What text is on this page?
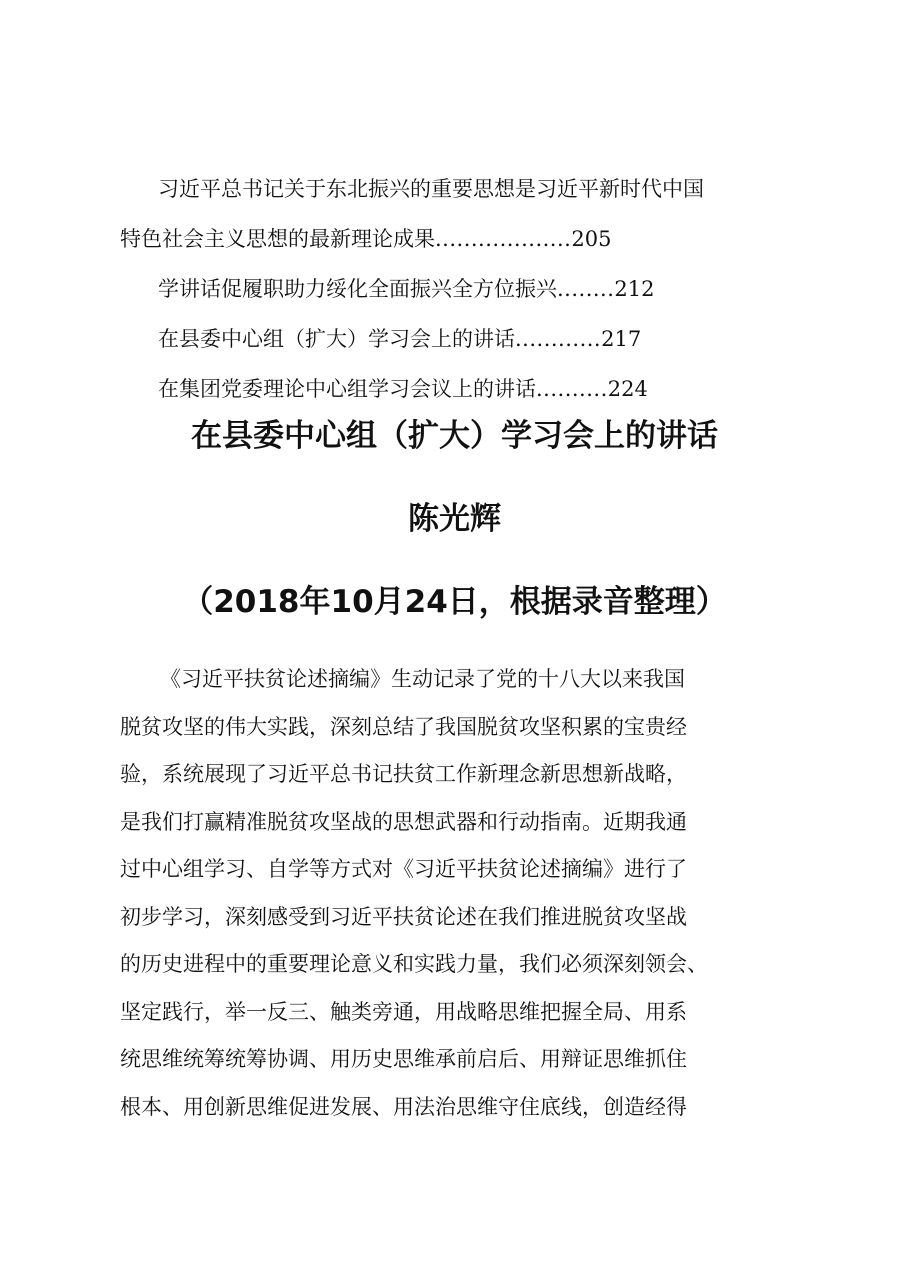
习近平总书记关于东北振兴的重要思想是习近平新时代中国
特色社会主义思想的最新理论成果...................205
学讲话促履职助力绥化全面振兴全方位振兴........212
在县委中心组（扩大）学习会上的讲话............217
在集团党委理论中心组学习会议上的讲话..........224
在县委中心组（扩大）学习会上的讲话
陈光辉
（2018年10月24日，根据录音整理）
《习近平扶贫论述摘编》生动记录了党的十八大以来我国
脱贫攻坚的伟大实践，深刻总结了我国脱贫攻坚积累的宝贵经
验，系统展现了习近平总书记扶贫工作新理念新思想新战略，
是我们打赢精准脱贫攻坚战的思想武器和行动指南。近期我通
过中心组学习、自学等方式对《习近平扶贫论述摘编》进行了
初步学习，深刻感受到习近平扶贫论述在我们推进脱贫攻坚战
的历史进程中的重要理论意义和实践力量，我们必须深刻领会、
坚定践行，举一反三、触类旁通，用战略思维把握全局、用系
统思维统筹统筹协调、用历史思维承前启后、用辩证思维抓住
根本、用创新思维促进发展、用法治思维守住底线，创造经得
